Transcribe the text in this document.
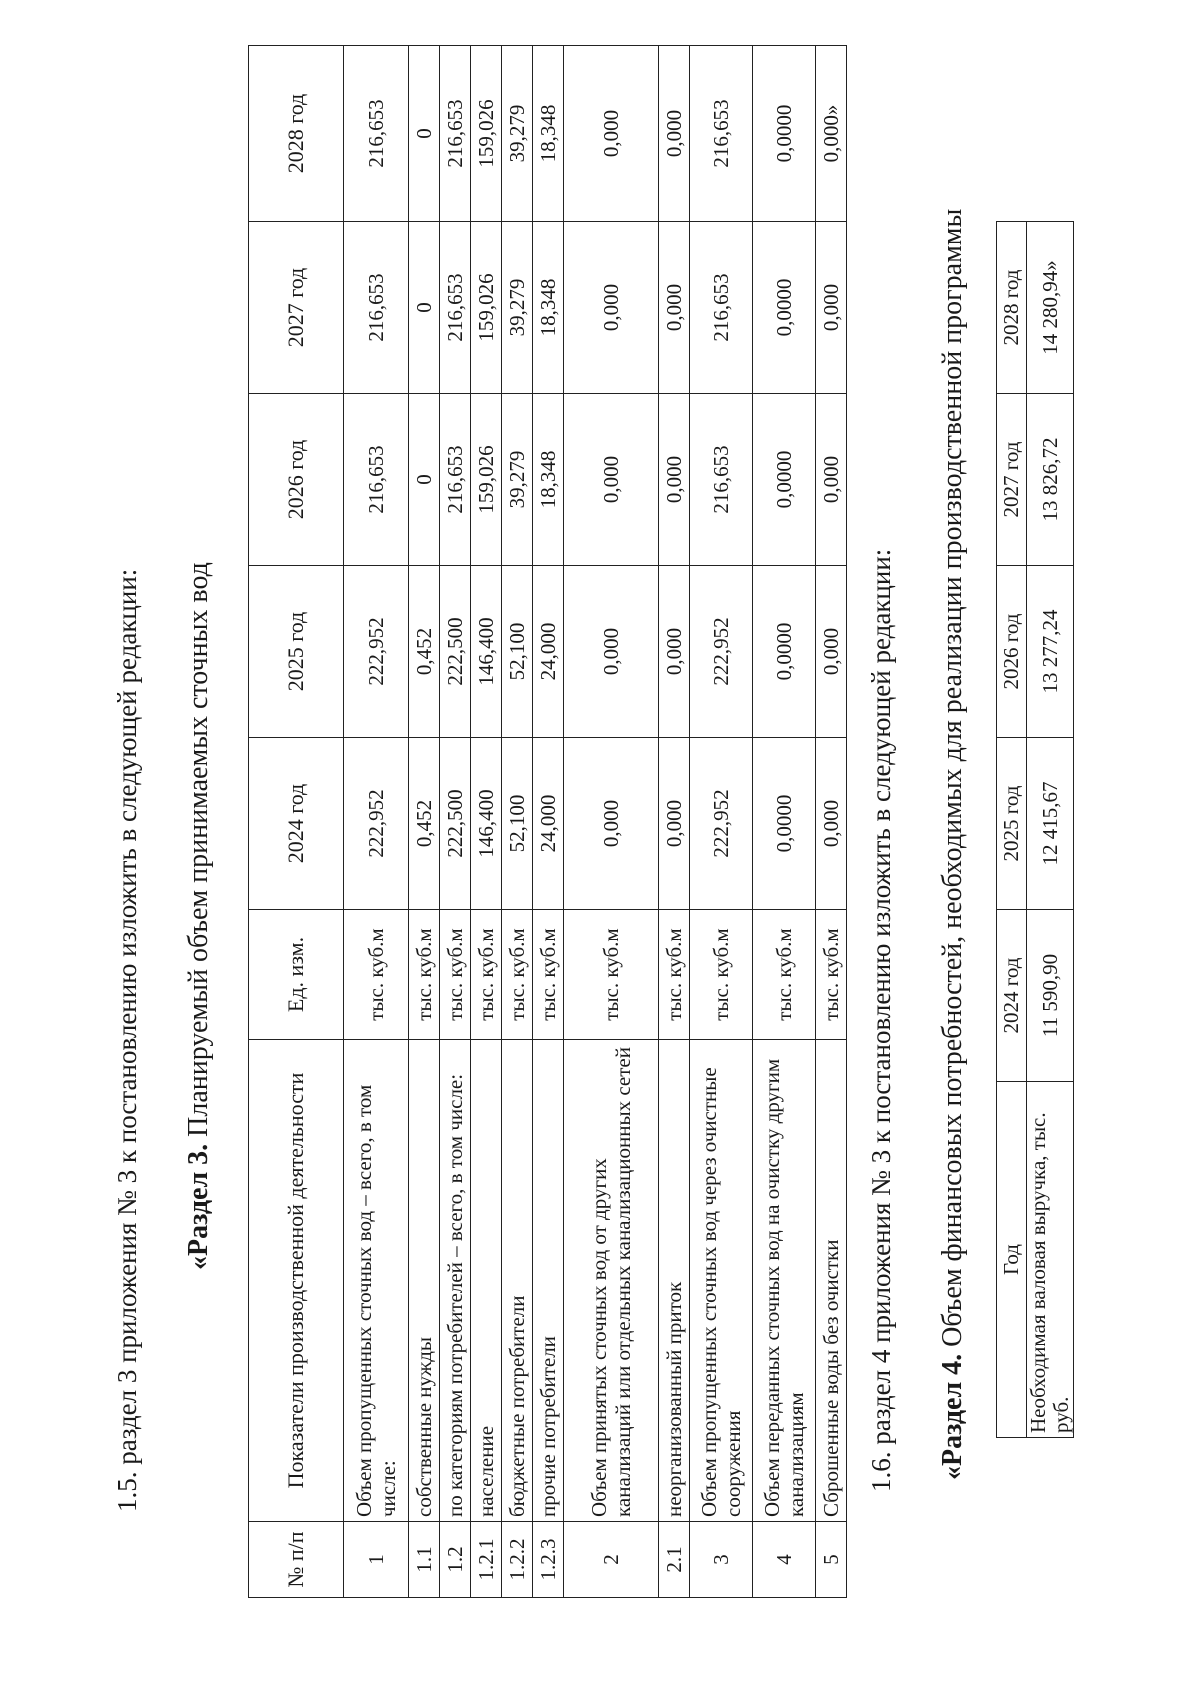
1.5. раздел 3 приложения № 3 к постановлению изложить в следующей редакции: «Раздел 3. Планируемый объем принимаемых сточных вод
№ п/п	Показатели производственной деятельности	Ед. изм.	2024 год	2025 год	2026 год	2027 год	2028 год
1	Объем пропущенных сточных вод – всего, в том числе:	тыс. куб.м	222,952	222,952	216,653	216,653	216,653
1.1	собственные нужды	тыс. куб.м	0,452	0,452	0	0	0
1.2	по категориям потребителей – всего, в том числе:	тыс. куб.м	222,500	222,500	216,653	216,653	216,653
1.2.1	население	тыс. куб.м	146,400	146,400	159,026	159,026	159,026
1.2.2	бюджетные потребители	тыс. куб.м	52,100	52,100	39,279	39,279	39,279
1.2.3	прочие потребители	тыс. куб.м	24,000	24,000	18,348	18,348	18,348
2	Объем принятых сточных вод от других канализаций или отдельных канализационных сетей	тыс. куб.м	0,000	0,000	0,000	0,000	0,000
2.1	неорганизованный приток	тыс. куб.м	0,000	0,000	0,000	0,000	0,000
3	Объем пропущенных сточных вод через очистные сооружения	тыс. куб.м	222,952	222,952	216,653	216,653	216,653
4	Объем переданных сточных вод на очистку другим канализациям	тыс. куб.м	0,0000	0,0000	0,0000	0,0000	0,0000
5	Сброшенные воды без очистки	тыс. куб.м	0,000	0,000	0,000	0,000	0,000»
1.6. раздел 4 приложения № 3 к постановлению изложить в следующей редакции: «Раздел 4. Объем финансовых потребностей, необходимых для реализации производственной программы Год	2024 год	2025 год	2026 год	2027 год	2028 год
Необходимая валовая выручка, тыс. руб.	11 590,90	12 415,67	13 277,24	13 826,72	14 280,94»
